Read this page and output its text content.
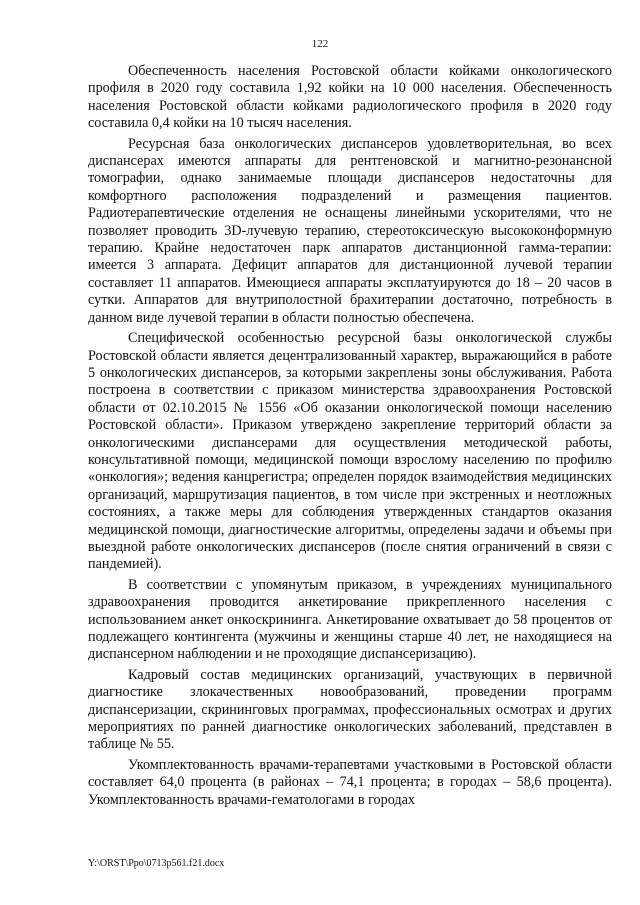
122

Обеспеченность населения Ростовской области койками онкологического профиля в 2020 году составила 1,92 койки на 10 000 населения. Обеспеченность населения Ростовской области койками радиологического профиля в 2020 году составила 0,4 койки на 10 тысяч населения.

Ресурсная база онкологических диспансеров удовлетворительная, во всех диспансерах имеются аппараты для рентгеновской и магнитно-резонансной томографии, однако занимаемые площади диспансеров недостаточны для комфортного расположения подразделений и размещения пациентов. Радиотерапевтические отделения не оснащены линейными ускорителями, что не позволяет проводить 3D-лучевую терапию, стереотоксическую высококонформную терапию. Крайне недостаточен парк аппаратов дистанционной гамма-терапии: имеется 3 аппарата. Дефицит аппаратов для дистанционной лучевой терапии составляет 11 аппаратов. Имеющиеся аппараты эксплатуируются до 18 – 20 часов в сутки. Аппаратов для внутриполостной брахитерапии достаточно, потребность в данном виде лучевой терапии в области полностью обеспечена.

Специфической особенностью ресурсной базы онкологической службы Ростовской области является децентрализованный характер, выражающийся в работе 5 онкологических диспансеров, за которыми закреплены зоны обслуживания. Работа построена в соответствии с приказом министерства здравоохранения Ростовской области от 02.10.2015 № 1556 «Об оказании онкологической помощи населению Ростовской области». Приказом утверждено закрепление территорий области за онкологическими диспансерами для осуществления методической работы, консультативной помощи, медицинской помощи взрослому населению по профилю «онкология»; ведения канцрегистра; определен порядок взаимодействия медицинских организаций, маршрутизация пациентов, в том числе при экстренных и неотложных состояниях, а также меры для соблюдения утвержденных стандартов оказания медицинской помощи, диагностические алгоритмы, определены задачи и объемы при выездной работе онкологических диспансеров (после снятия ограничений в связи с пандемией).

В соответствии с упомянутым приказом, в учреждениях муниципального здравоохранения проводится анкетирование прикрепленного населения с использованием анкет онкоскрининга. Анкетирование охватывает до 58 процентов от подлежащего контингента (мужчины и женщины старше 40 лет, не находящиеся на диспансерном наблюдении и не проходящие диспансеризацию).

Кадровый состав медицинских организаций, участвующих в первичной диагностике злокачественных новообразований, проведении программ диспансеризации, скрининговых программах, профессиональных осмотрах и других мероприятиях по ранней диагностике онкологических заболеваний, представлен в таблице № 55.

Укомплектованность врачами-терапевтами участковыми в Ростовской области составляет 64,0 процента (в районах – 74,1 процента; в городах – 58,6 процента). Укомплектованность врачами-гематологами в городах

Y:\ORST\Ppo\0713p561.f21.docx
